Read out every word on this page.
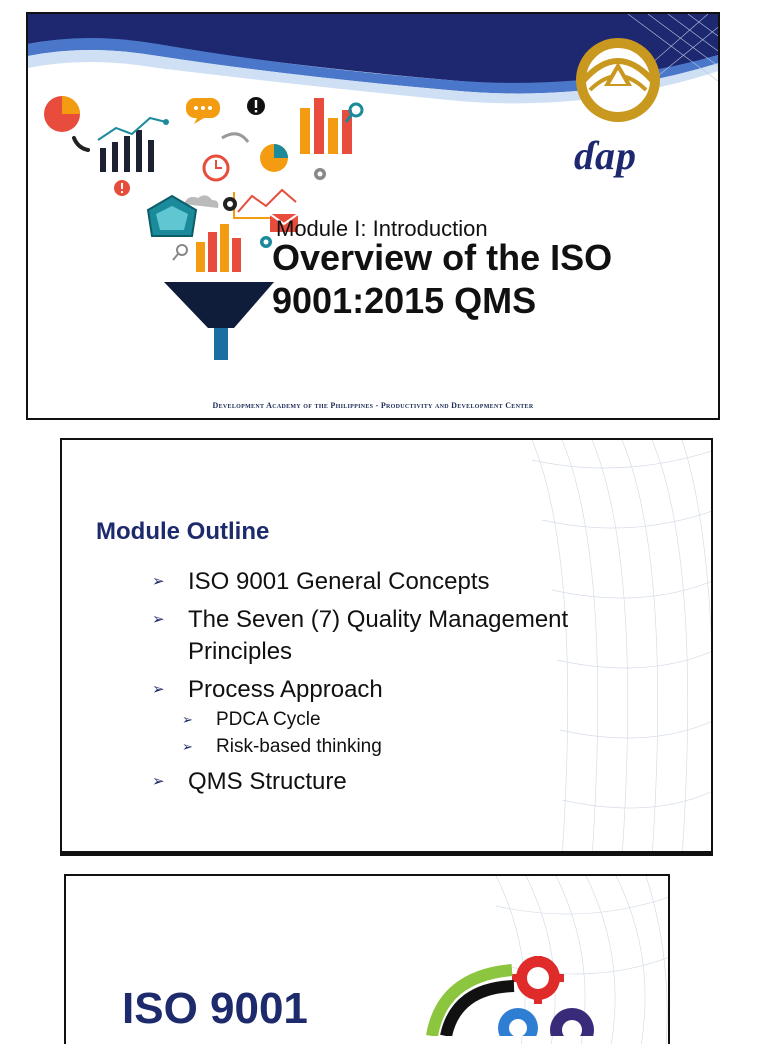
ɗap
Module I: Introduction
Overview of the ISO
9001:2015 QMS
Development Academy of the Philippines - Productivity and Development Center
Module Outline
➢ ISO 9001 General Concepts
➢ The Seven (7) Quality Management
Principles
➢ Process Approach
➢ PDCA Cycle
➢ Risk-based thinking
➢ QMS Structure
ISO 9001
